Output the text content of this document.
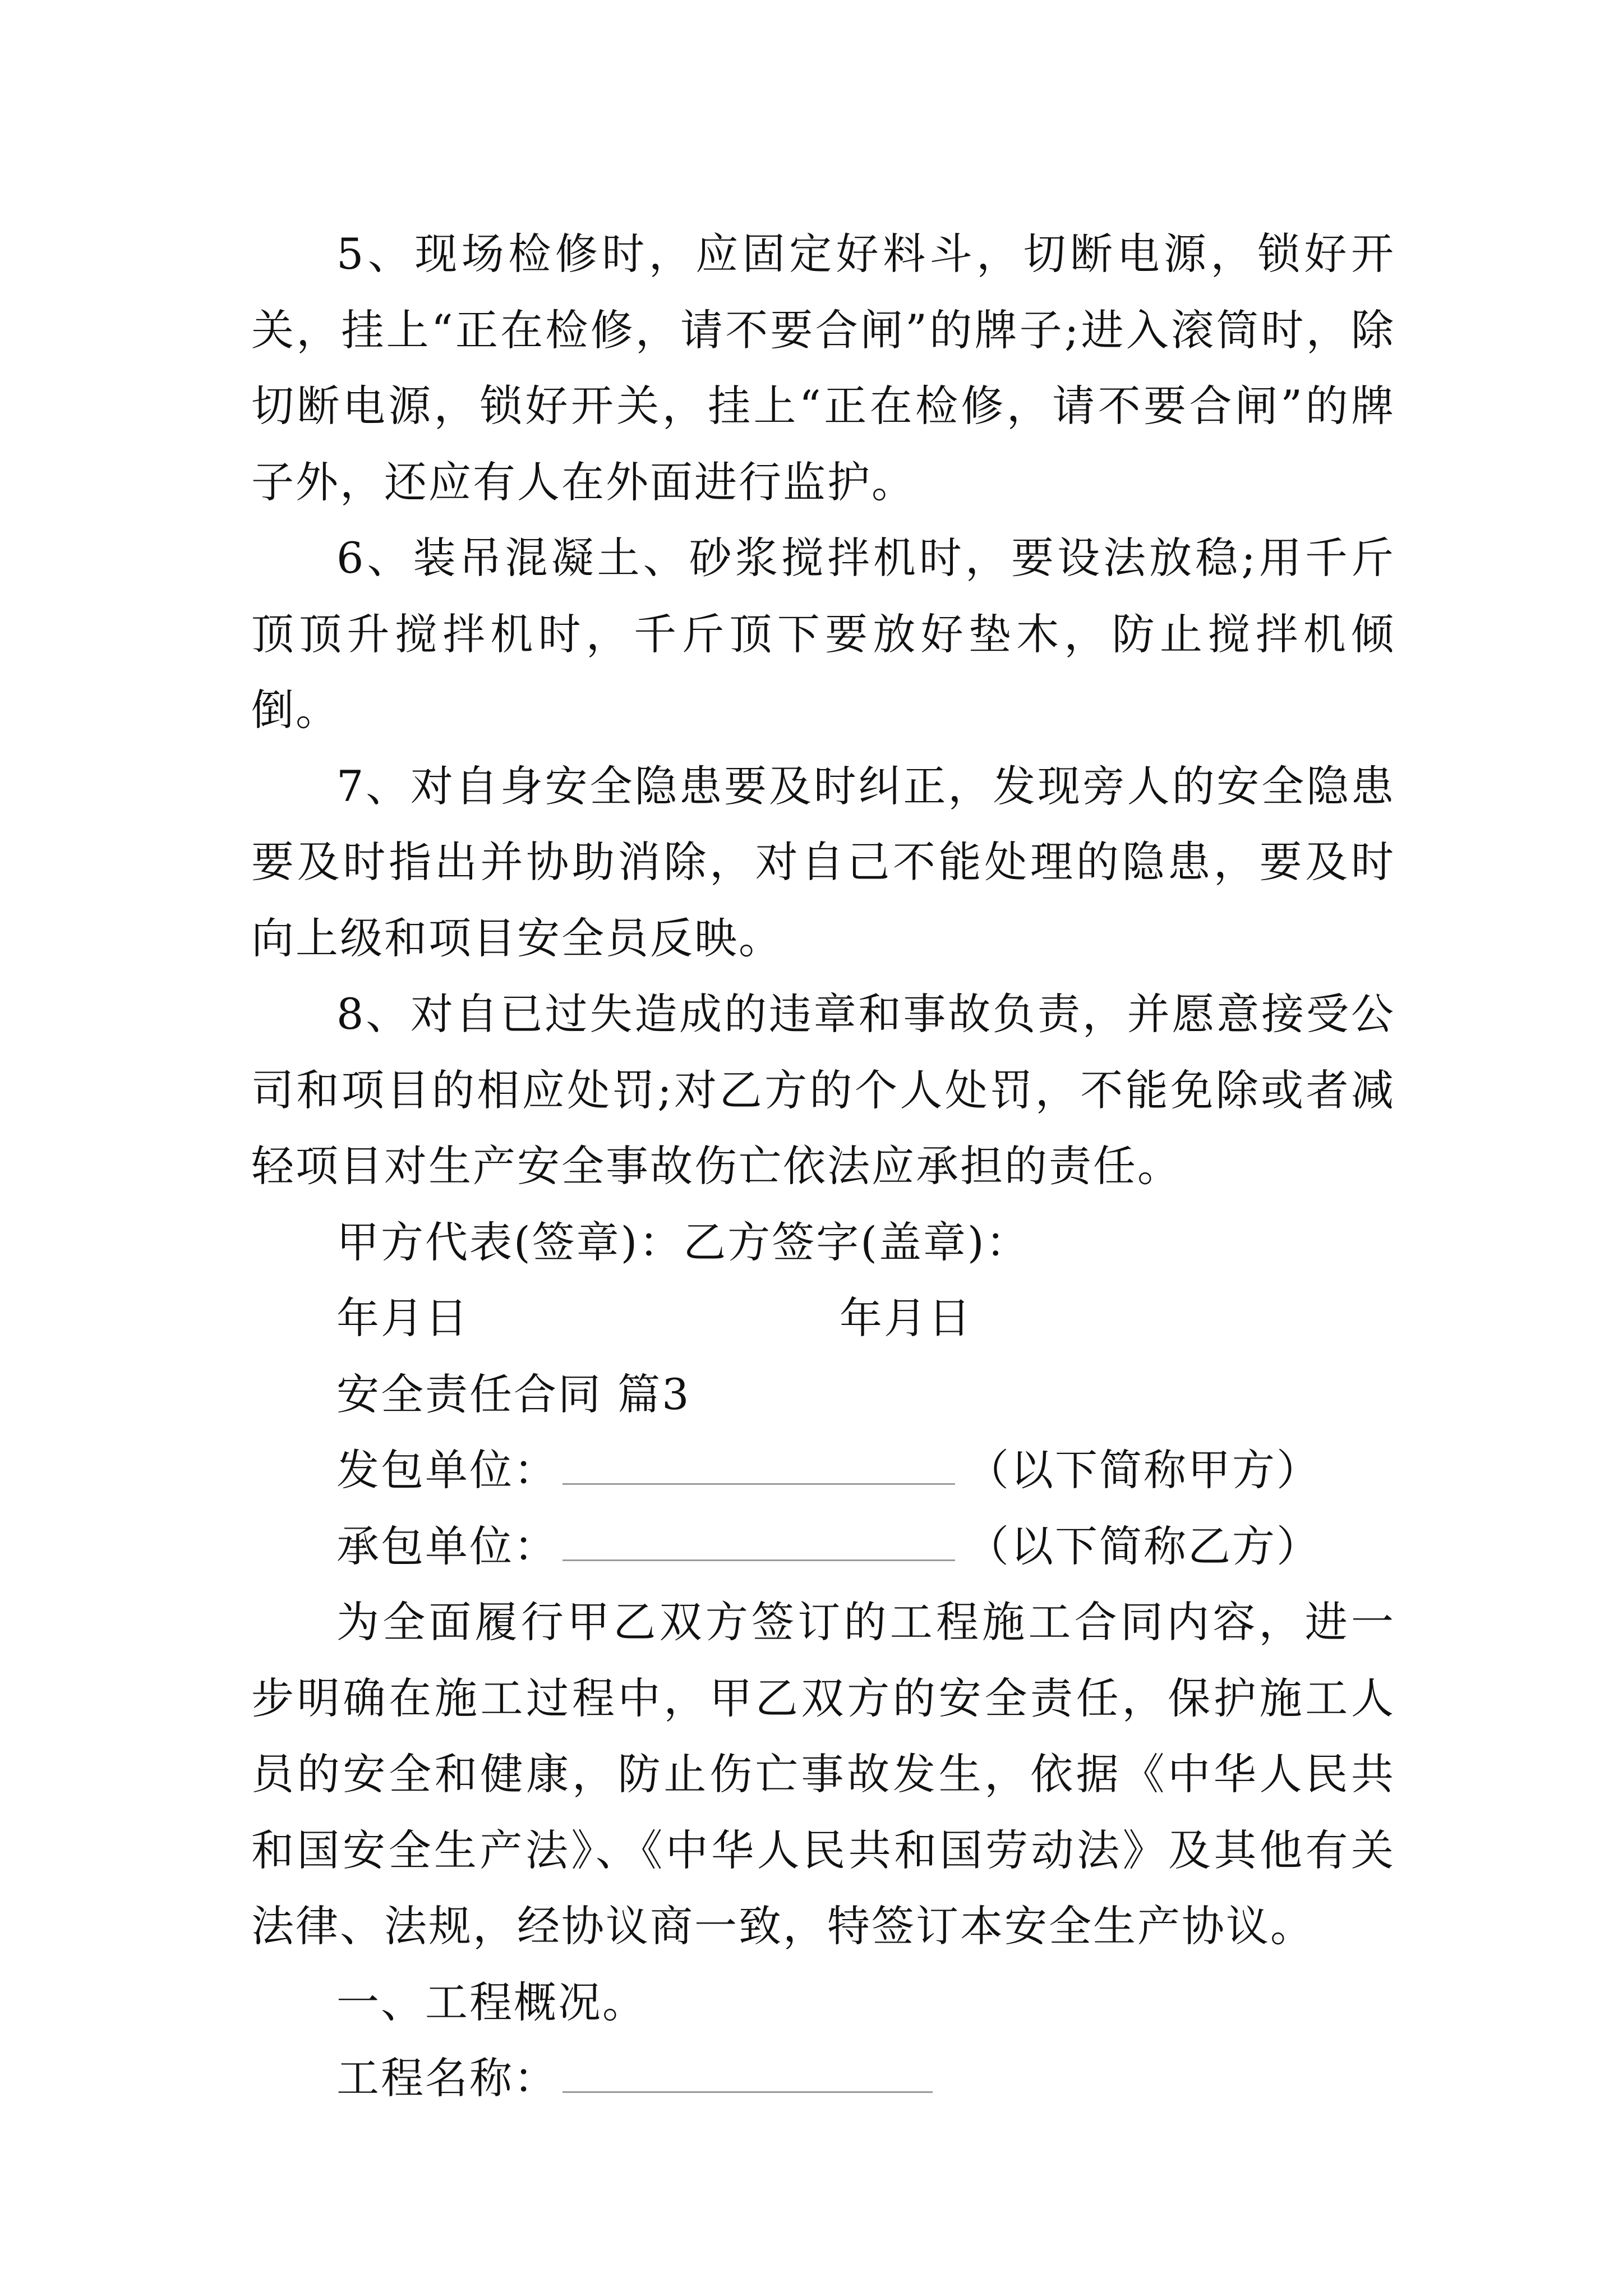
5、现场检修时，应固定好料斗，切断电源，锁好开关，挂上“正在检修，请不要合闸”的牌子;进入滚筒时，除切断电源，锁好开关，挂上“正在检修，请不要合闸”的牌子外，还应有人在外面进行监护。

6、装吊混凝土、砂浆搅拌机时，要设法放稳;用千斤顶顶升搅拌机时，千斤顶下要放好垫木，防止搅拌机倾倒。

7、对自身安全隐患要及时纠正，发现旁人的安全隐患要及时指出并协助消除，对自己不能处理的隐患，要及时向上级和项目安全员反映。

8、对自已过失造成的违章和事故负责，并愿意接受公司和项目的相应处罚;对乙方的个人处罚，不能免除或者减轻项目对生产安全事故伤亡依法应承担的责任。

甲方代表(签章)：乙方签字(盖章)：

年月日	年月日

安全责任合同 篇3

发包单位：	（以下简称甲方）

承包单位：	（以下简称乙方）

为全面履行甲乙双方签订的工程施工合同内容，进一步明确在施工过程中，甲乙双方的安全责任，保护施工人员的安全和健康，防止伤亡事故发生，依据《中华人民共和国安全生产法》、《中华人民共和国劳动法》及其他有关法律、法规，经协议商一致，特签订本安全生产协议。

一、工程概况。

工程名称：
